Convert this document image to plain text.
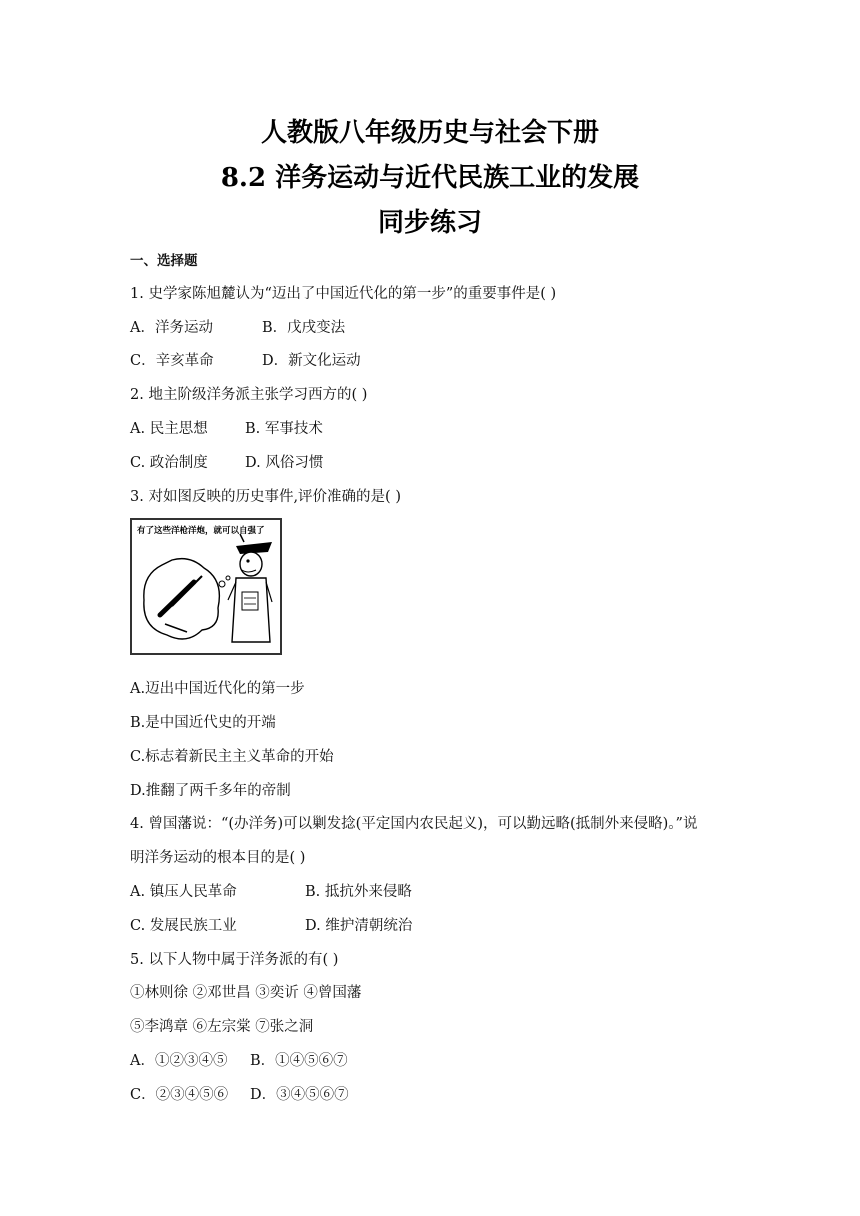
人教版八年级历史与社会下册
8.2 洋务运动与近代民族工业的发展
同步练习
一、选择题
1. 史学家陈旭麓认为“迈出了中国近代化的第一步”的重要事件是( )
A．洋务运动	B．戊戌变法
C．辛亥革命	D．新文化运动
2. 地主阶级洋务派主张学习西方的( )
A. 民主思想	B. 军事技术
C. 政治制度	D. 风俗习惯
3. 对如图反映的历史事件,评价准确的是( )
有了这些洋枪洋炮，就可以自强了
A.迈出中国近代化的第一步
B.是中国近代史的开端
C.标志着新民主主义革命的开始
D.推翻了两千多年的帝制
4. 曾国藩说：“(办洋务)可以剿发捻(平定国内农民起义)，可以勤远略(抵制外来侵略)。”说
明洋务运动的根本目的是( )
A. 镇压人民革命	B. 抵抗外来侵略
C. 发展民族工业	D. 维护清朝统治
5. 以下人物中属于洋务派的有( )
①林则徐 ②邓世昌 ③奕䜣 ④曾国藩
⑤李鸿章 ⑥左宗棠 ⑦张之洞
A．①②③④⑤ B．①④⑤⑥⑦
C．②③④⑤⑥ D．③④⑤⑥⑦
